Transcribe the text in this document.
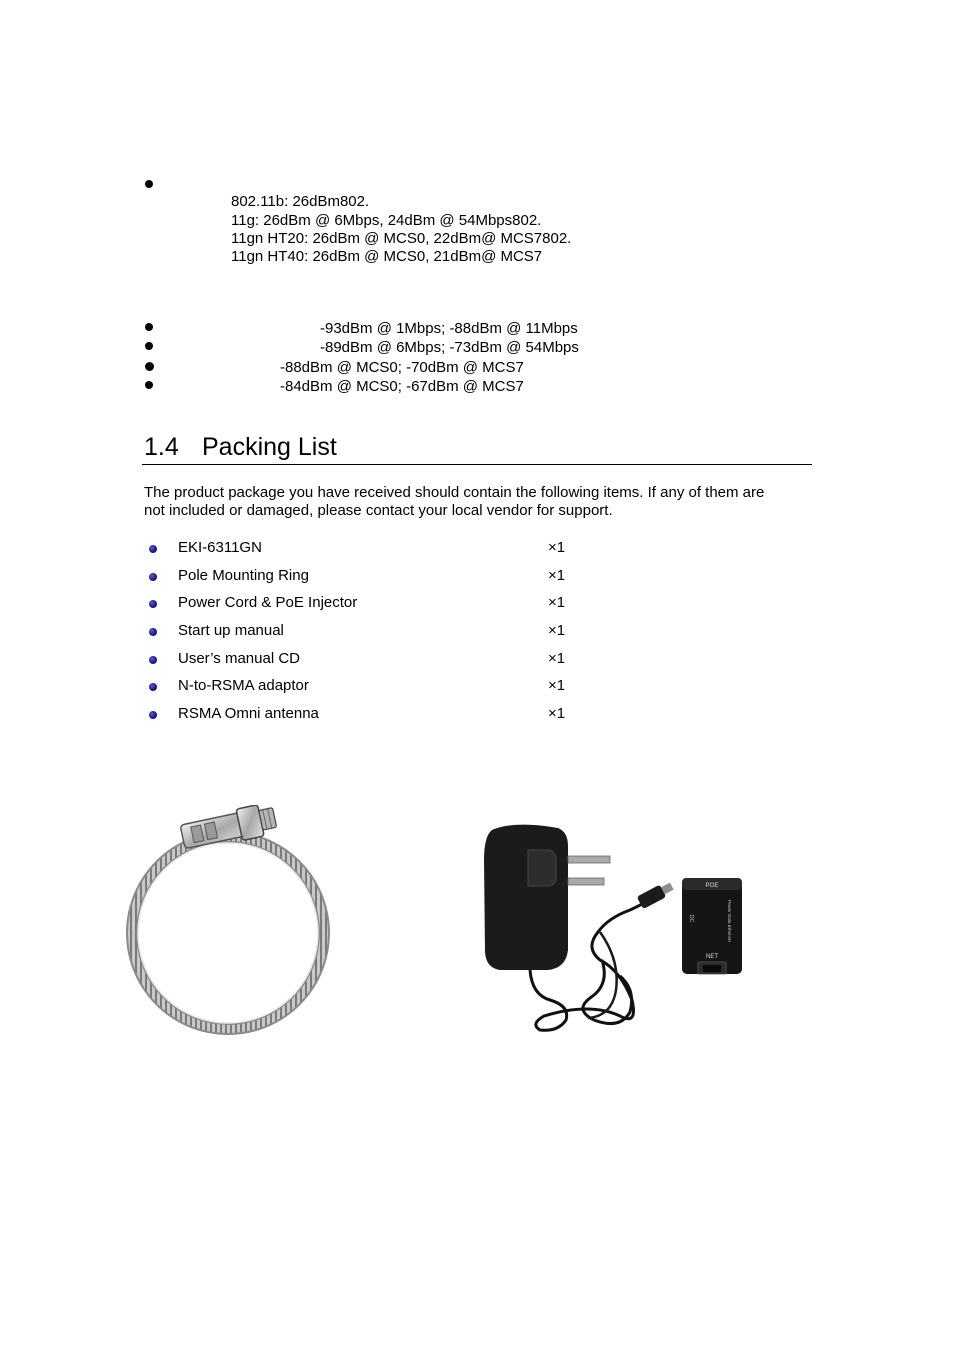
802.11b: 26dBm802.
11g: 26dBm @ 6Mbps, 24dBm @ 54Mbps802.
11gn HT20: 26dBm @ MCS0, 22dBm@ MCS7802.
11gn HT40: 26dBm @ MCS0, 21dBm@ MCS7
-93dBm @ 1Mbps; -88dBm @ 11Mbps
-89dBm @ 6Mbps; -73dBm @ 54Mbps
-88dBm @ MCS0; -70dBm @ MCS7
-84dBm @ MCS0; -67dBm @ MCS7
1.4 Packing List
The product package you have received should contain the following items. If any of them are
not included or damaged, please contact your local vendor for support.
EKI-6311GN	×1
Pole Mounting Ring	×1
Power Cord & PoE Injector	×1
Start up manual	×1
User’s manual CD	×1
N-to-RSMA adaptor	×1
RSMA Omni antenna	×1
POE
Power Data Ethernet
DC
NET
